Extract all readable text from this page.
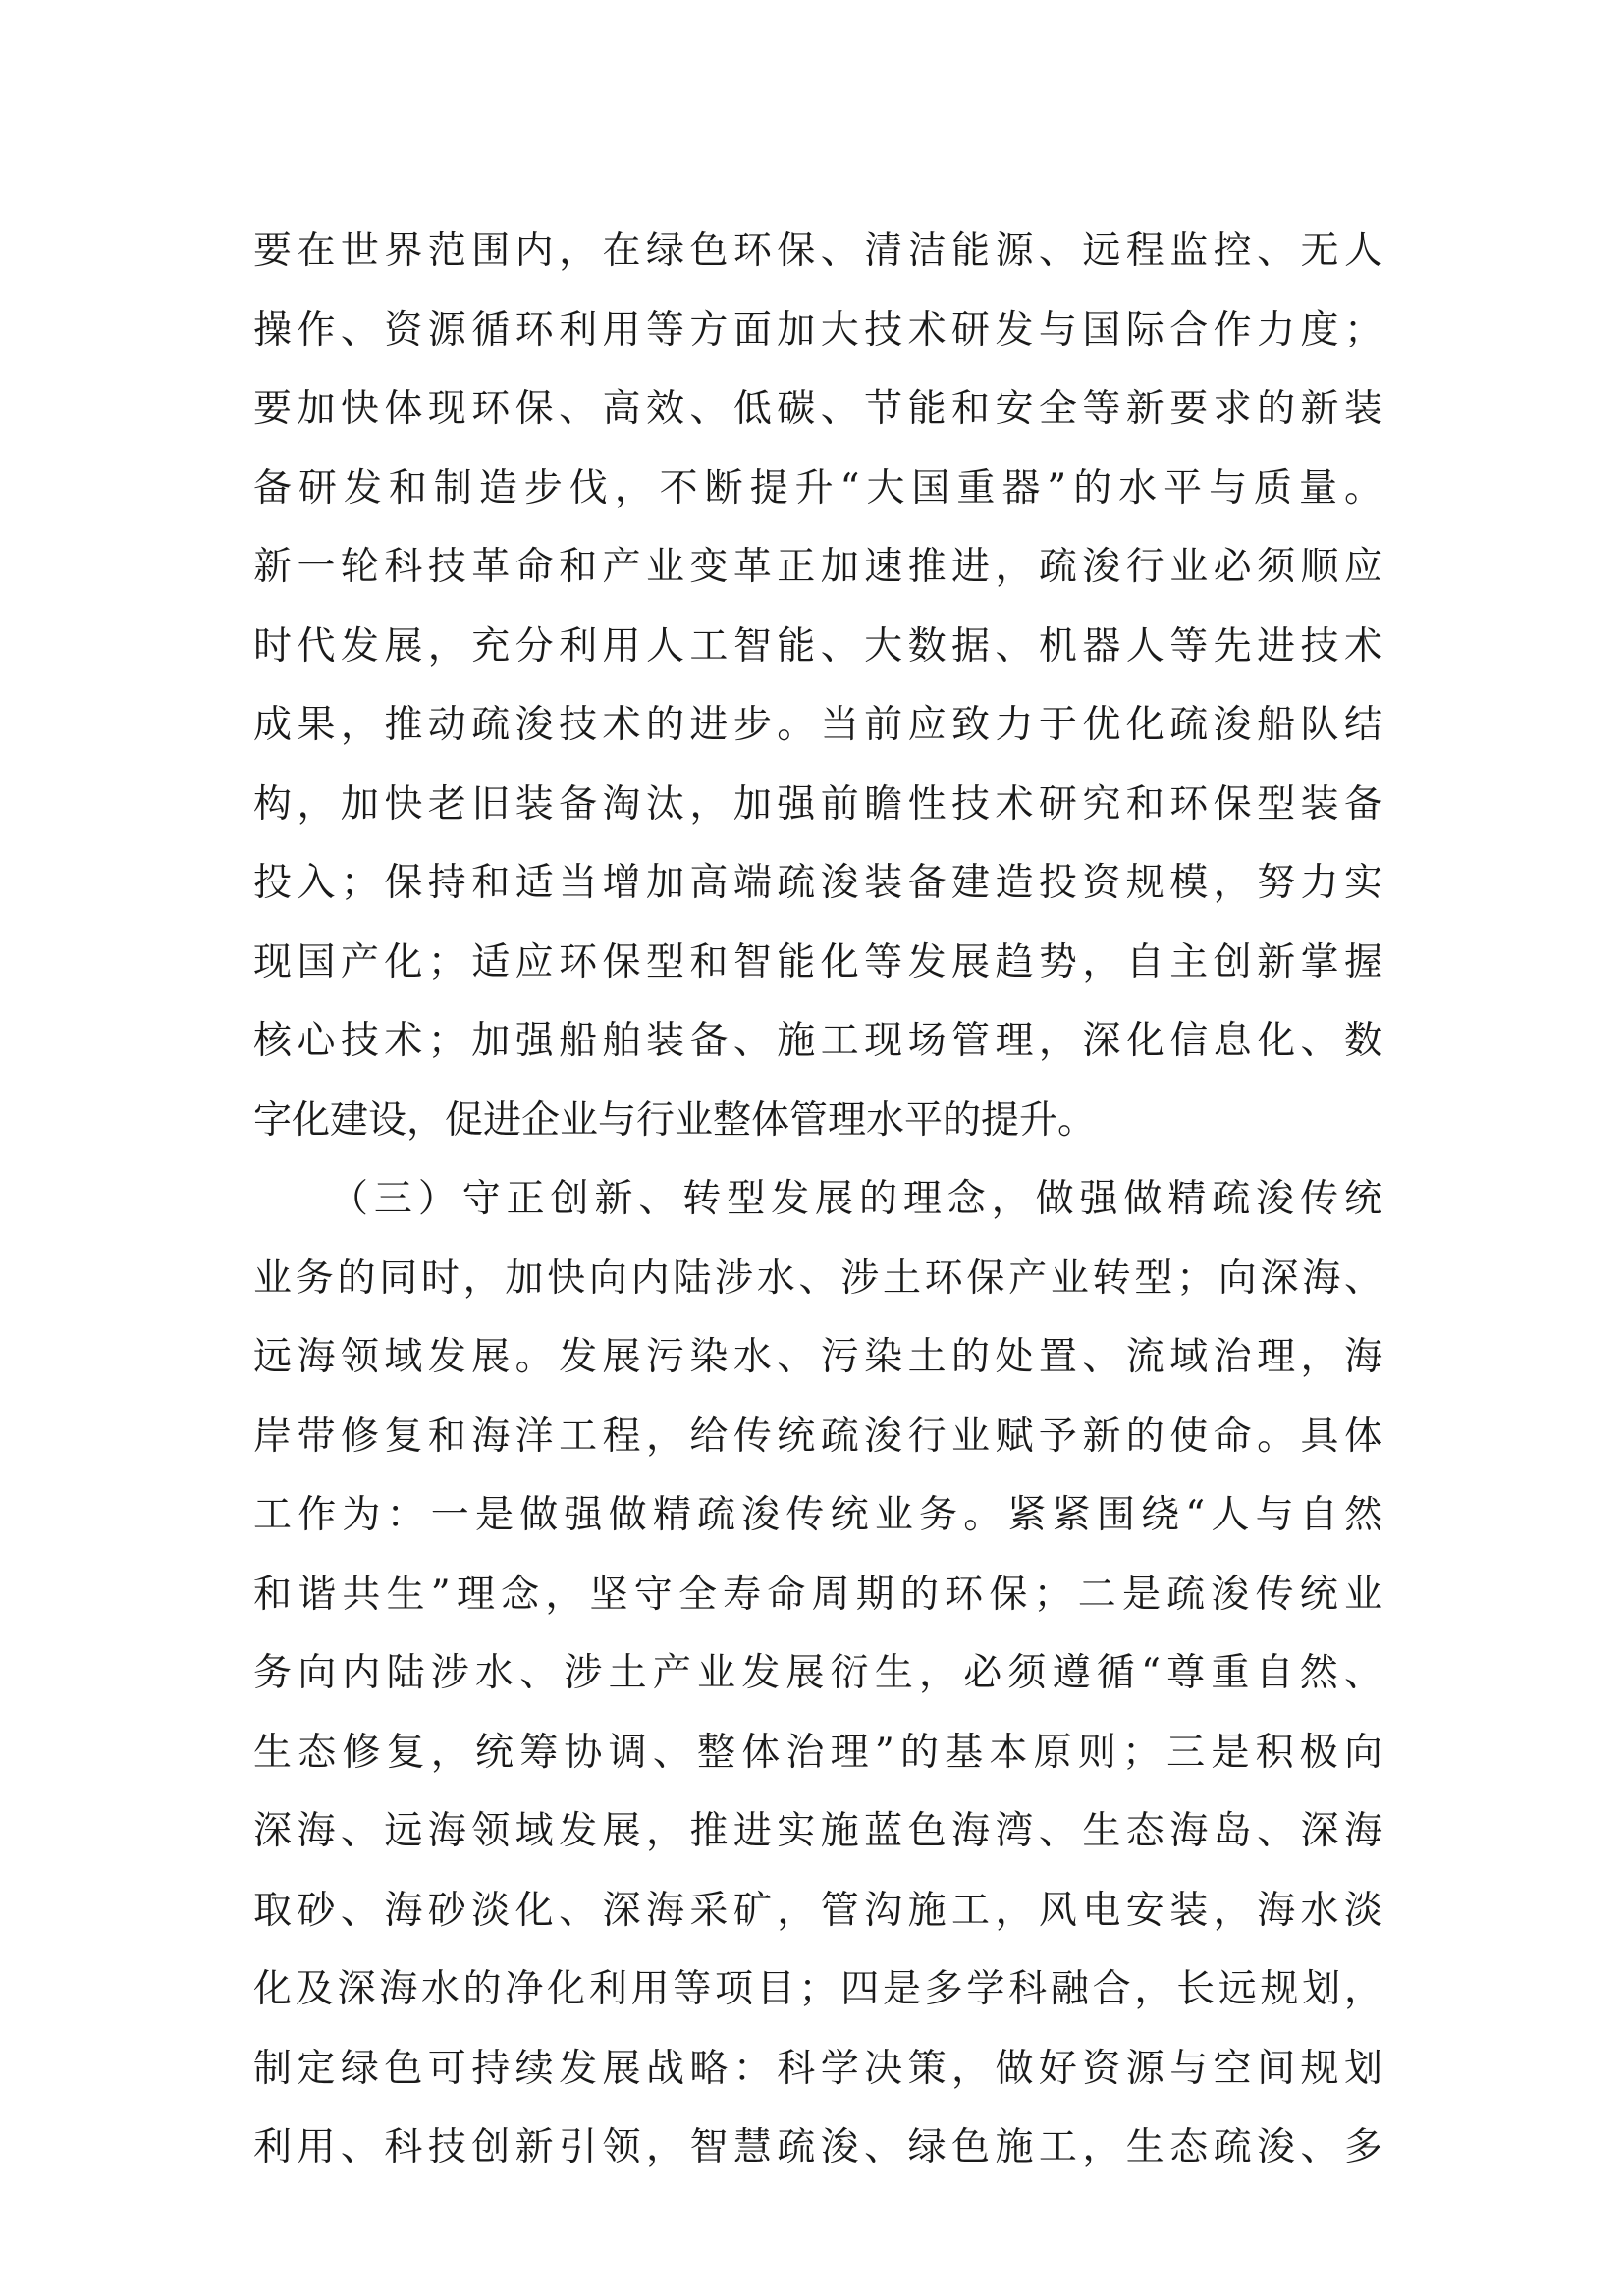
要在世界范围内，在绿色环保、清洁能源、远程监控、无人
操作、资源循环利用等方面加大技术研发与国际合作力度；
要加快体现环保、高效、低碳、节能和安全等新要求的新装
备研发和制造步伐，不断提升“大国重器”的水平与质量。
新一轮科技革命和产业变革正加速推进，疏浚行业必须顺应
时代发展，充分利用人工智能、大数据、机器人等先进技术
成果，推动疏浚技术的进步。当前应致力于优化疏浚船队结
构，加快老旧装备淘汰，加强前瞻性技术研究和环保型装备
投入；保持和适当增加高端疏浚装备建造投资规模，努力实
现国产化；适应环保型和智能化等发展趋势，自主创新掌握
核心技术；加强船舶装备、施工现场管理，深化信息化、数
字化建设，促进企业与行业整体管理水平的提升。
（三）守正创新、转型发展的理念，做强做精疏浚传统
业务的同时，加快向内陆涉水、涉土环保产业转型；向深海、
远海领域发展。发展污染水、污染土的处置、流域治理，海
岸带修复和海洋工程，给传统疏浚行业赋予新的使命。具体
工作为：一是做强做精疏浚传统业务。紧紧围绕“人与自然
和谐共生”理念，坚守全寿命周期的环保；二是疏浚传统业
务向内陆涉水、涉土产业发展衍生，必须遵循“尊重自然、
生态修复，统筹协调、整体治理”的基本原则；三是积极向
深海、远海领域发展，推进实施蓝色海湾、生态海岛、深海
取砂、海砂淡化、深海采矿，管沟施工，风电安装，海水淡
化及深海水的净化利用等项目；四是多学科融合，长远规划，
制定绿色可持续发展战略：科学决策，做好资源与空间规划
利用、科技创新引领，智慧疏浚、绿色施工，生态疏浚、多
